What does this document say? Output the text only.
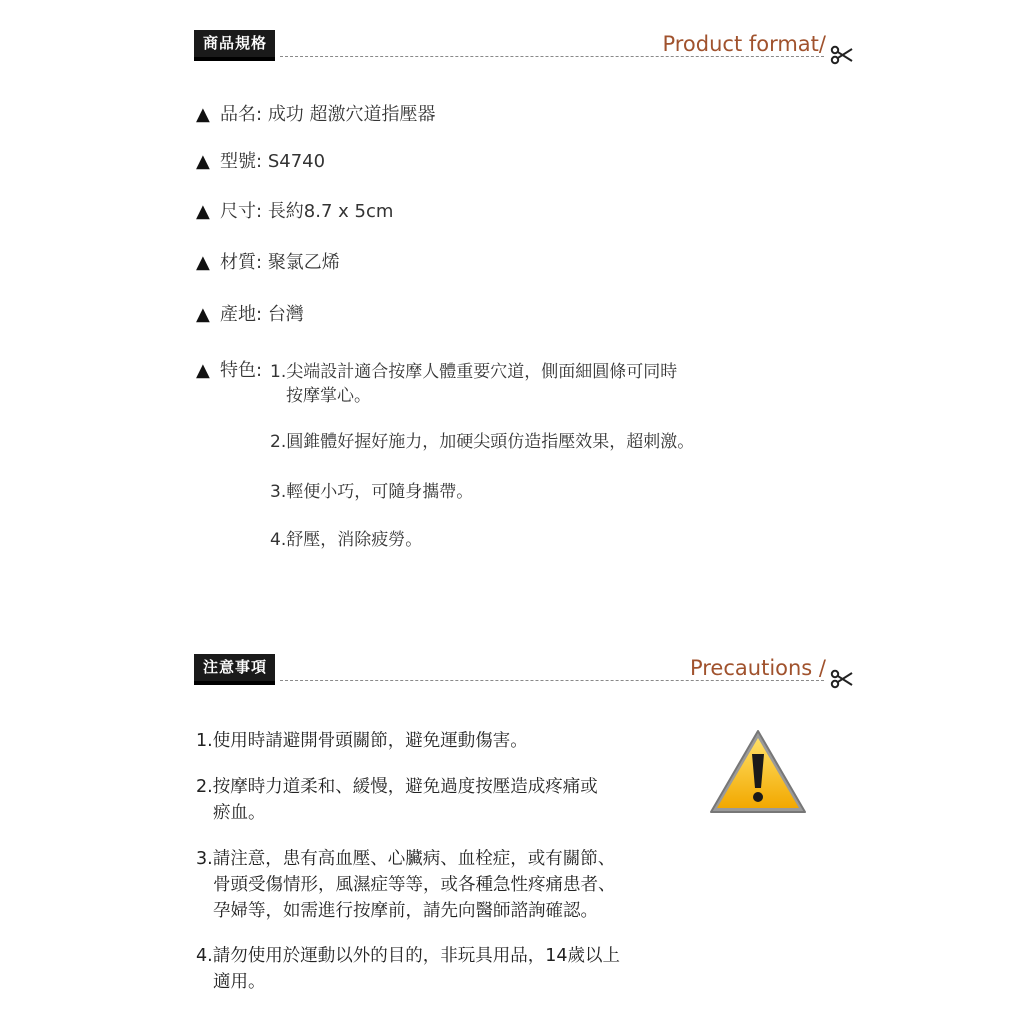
商品規格	Product format/
▲ 品名: 成功 超激穴道指壓器
▲ 型號: S4740
▲ 尺寸: 長約8.7 x 5cm
▲ 材質: 聚氯乙烯
▲ 產地: 台灣
▲ 特色: 1.尖端設計適合按摩人體重要穴道，側面細圓條可同時
按摩掌心。
2.圓錐體好握好施力，加硬尖頭仿造指壓效果，超刺激。
3.輕便小巧，可隨身攜帶。
4.舒壓，消除疲勞。
注意事項	Precautions /
1.使用時請避開骨頭關節，避免運動傷害。
2.按摩時力道柔和、緩慢，避免過度按壓造成疼痛或
瘀血。
3.請注意，患有高血壓、心臟病、血栓症，或有關節、
骨頭受傷情形，風濕症等等，或各種急性疼痛患者、
孕婦等，如需進行按摩前，請先向醫師諮詢確認。
4.請勿使用於運動以外的目的，非玩具用品，14歲以上
適用。
